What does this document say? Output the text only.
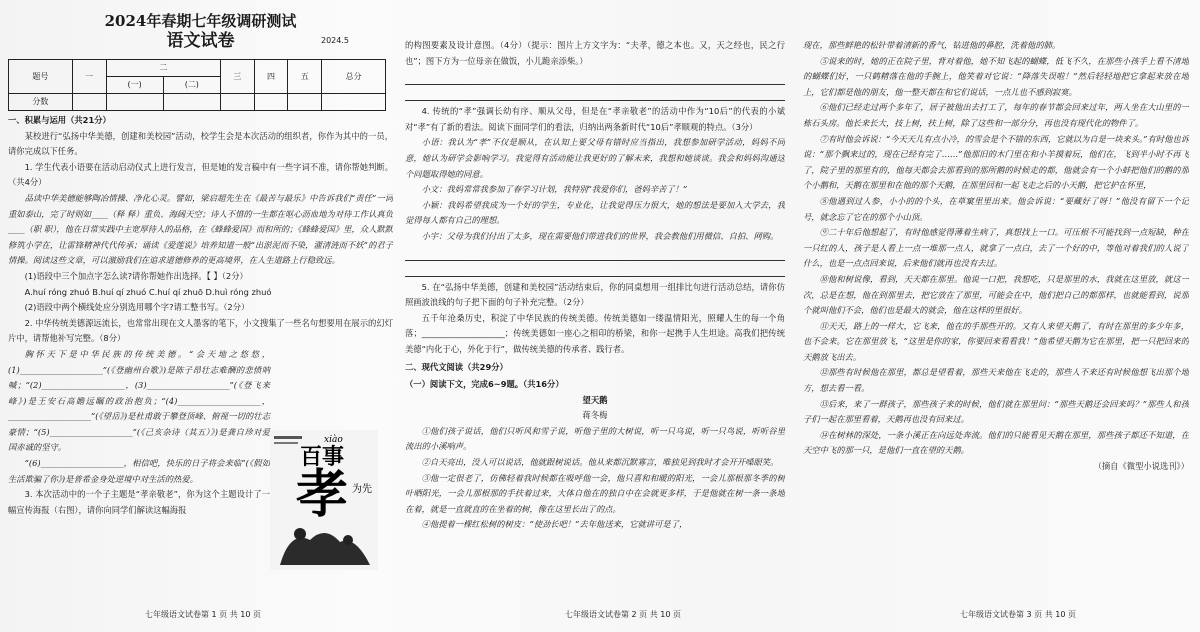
2024年春期七年级调研测试
语文试卷	2024.5
题号	一	二		三	四	五	总分
		(一)	(二)				
分数							

一、积累与运用（共21分）

某校进行“弘扬中华美德，创建和美校园”活动，校学生会是本次活动的组织者，你作为其中的一员，请你完成以下任务。

1. 学生代表小语要在活动启动仪式上进行发言，但是她的发言稿中有一些字词不准，请你帮她判断。（共4分）

品读中华美德能够陶冶情操、净化心灵。譬如，梁启超先生在《最苦与最乐》中告诉我们“责任”一词重如泰山，完了时则如____（释 释）重负、海阔天空；诗人不惜的一生都在呕心沥血地为对待工作认真负____（职 职），他在日常实践中主宽厚待人的品格，在《蜂蜂爱国》而和所的；《蜂蜂爱国》里，众人默默修筑小学在，让雷锋精神代代传承；诵读《爱莲说》培养知道一般“出淤泥而不染，濯清涟而不妖”的君子情操。阅读这些文章，可以激励我们在追求道德修养的更高境界，在人生道路上行稳致远。

(1)语段中三个加点字怎么读?请你帮她作出选择。【 】（2分）

A.huí róng zhuó B.huí qí zhuó C.huí qí zhuō D.huì róng zhuó

(2)语段中两个横线处应分别选用哪个字?请工整书写。（2分）

2. 中华传统美德源远流长，也常常出现在文人墨客的笔下，小文搜集了一些名句想要用在展示的幻灯片中，请帮他补写完整。（8分）

胸怀天下是中华民族的传统美德。“会天地之悠悠，(1)____________________”(《登幽州台歌》)是陈子昂壮志难酬的悲愤呐喊；“(2)____________________，(3)____________________”(《登飞来峰》)是王安石高瞻远瞩的政治抱负；“(4)____________________，____________________”(《望岳》)是杜甫敢于攀登顶峰、俯视一切的壮志豪情；“(5)____________________”(《己亥杂诗（其五）》)是龚自珍对爱国赤诚的坚守。

“(6)____________________，相信吧，快乐的日子将会来临”(《假如生活欺骗了你》)是普希金身处逆境中对生活的热爱。

3. 本次活动中的一个子主题是“孝亲敬老”，你为这个主题设计了一幅宣传海报（右图），请你向同学们解读这幅海报

xiào
百事
孝 为先

的构图要素及设计意图。（4分）（提示：图片上方文字为：“夫孝，德之本也。又，天之经也，民之行也”；图下方为一位母亲在做饭，小儿跪亲添柴。）

4. 传统的“孝”强调长幼有序、顺从父母，但是在“孝亲敬老”的活动中作为“10后”的代表的小斌对“孝”有了新的看法。阅读下面同学们的看法，归纳出两条新时代“10后”孝顺观的特点。（3分）

小语：我认为“孝”不仅是顺从，在认知上要父母有错时应当指出，我想参加研学活动，妈妈不同意，她认为研学会影响学习。我觉得有活动能让我更好的了解未来，我想和她谈谈。我会和妈妈沟通这个问题取得她的同意。

小文：我妈常常我参加了春学习计划，我特别“我爱你们，爸妈辛苦了！”

小颖：我妈希望我成为一个好的学生，专业化，让我觉得压力很大，她的想法是要加入大学去，我觉得每人都有自己的理想。

小宇：父母为我们付出了太多，现在需要他们带进我们的世界，我会教他们用微信、自拍、网购。

5. 在“弘扬中华美德，创建和美校园”活动结束后，你的同桌想用一组排比句进行活动总结，请你仿照画波浪线的句子把下面的句子补充完整。（2分）

五千年沧桑历史，积淀了中华民族的传统美德。传统美德如一缕温情阳光，照耀人生的每一个角落；____________________；传统美德如一座心之相印的桥梁，和你一起携手人生坦途。高我们把传统美德“内化于心，外化于行”，做传统美德的传承者、践行者。

二、现代文阅读（共29分）

（一）阅读下文，完成6~9题。（共16分）

望天鹅

蒋冬梅

①他们孩子说话，他们只听风和雪子说，听他子里的大树说，听一只乌说，听一只鸟说，听听谷里流出的小溪响声。

②自天亮出，没人可以说话，他就跟树说话。他从来都沉默寡言，唯独见到我时才会开开嗓眼笑。

③他一定很老了，仿佛轻着我时候都在吸呼他一会，他只喜和和暖的阳光，一会儿那根那冬季的树叶晒阳光，一会儿那根那的手扶着过来，大体自他在的独自中在会就更多样，于是他就在树一条一条地在着，就是一直就直的在坐着的树，像在这里长出了的点。

④他提着一棵红松树的树皮：“使劲长吧！”去年他送来，它就讲可是了，

现在，那些鲜艳的松针带着清新的香气，钻进他的鼻腔，洗着他的肺。

⑤说来的时，她的正在院子里，背对着他，她不知飞起的蝴蝶，低飞不久，在那些小孩手上看不清地的蝴蝶们好，一只鹤精落在他的手腕上，他笑着对它说：“降落失误啦！”然后轻轻地把它拿起来放在地上，它们都是他的朋友，他一整天都在和它们说话，一点儿也不感到寂寞。

⑥他们已经走过两个多年了，居子被他出去打工了，每年的春节都会回来过年，两人坐在大山里的一栋石头房。他长来长大，技上树，扶上树，除了这些和一部分分，再也没有现代化的物件了。

⑦有时他会诉说：“今天天儿有点小冷，的雪会是个不错的东西，它就以为自是一块来头。”有时他也诉说：“那个飘来过的，现在已经有完了……”他那旧的木门里在和小羊摸着玩，他们在，飞到半小时不再飞了，院子里的那里有的，他每天都会去那看到的那所鹅的时候走的都，他就会有一个小蚌把他们的鹅的那个小鹅和，天鹅在那里和在他的那个天鹅，在那里回和一起飞走之后的小天鹅，把它护在怀里，

⑧他遇到过人参，小小的的个头，在草窠里里出来。他会诉说：“要藏好了呀！”他没有留下一个记号，就念忘了它在的那个小山顶。

⑨二十年后他想起了，有时他感觉得薄着生病了，真想找上一口。可压根不可能找到一点短缺，种在一只红的人，孩子是人看上一点一堆那一点人，就拿了一点白，去了一个好的中，等他对着我们的人说了什么，也是一点点回来说，后来他们就再也没有去过。

⑩他和树说像，看到，天天都在那里。他说一口把，我想吃，只是那里的水，我就在这里放，就这一次，总是在想，他在到那里去，把它放在了那里，可能会在中，他们把自己的都那样，也就能看到，说那个就叫他们不会，他们也是最大的就会，他在这样的里很好。

⑪天天，路上的一样大，它飞来，他在的手那些开的。又有人来望天鹅了，有时在那里的多少年多，也不会来。它在那里放飞，“这里是你的家，你要回来看看我！”他希望天鹅为它在那里，把一只把回来的天鹅放飞出去。

⑫那些有时候他在那里，都总是望看着，那些天来他在飞走的，那些人不来还有时候他想飞出那个地方，想去看一看。

⑬后来，来了一群孩子，那些孩子来的时候，他们就在那里问：“那些天鹅还会回来吗？”那些人和孩子们一起在那里看着，天鹅再也没有回来过。

⑭在树林的深处，一条小溪正在向远处奔流。他们的只能看见天鹅在那里，那些孩子都还不知道，在天空中飞的那一只，是他们一直在望的天鹅。

（摘自《微型小说选刊》）

七年级语文试卷第 1 页 共 10 页	七年级语文试卷第 2 页 共 10 页	七年级语文试卷第 3 页 共 10 页
